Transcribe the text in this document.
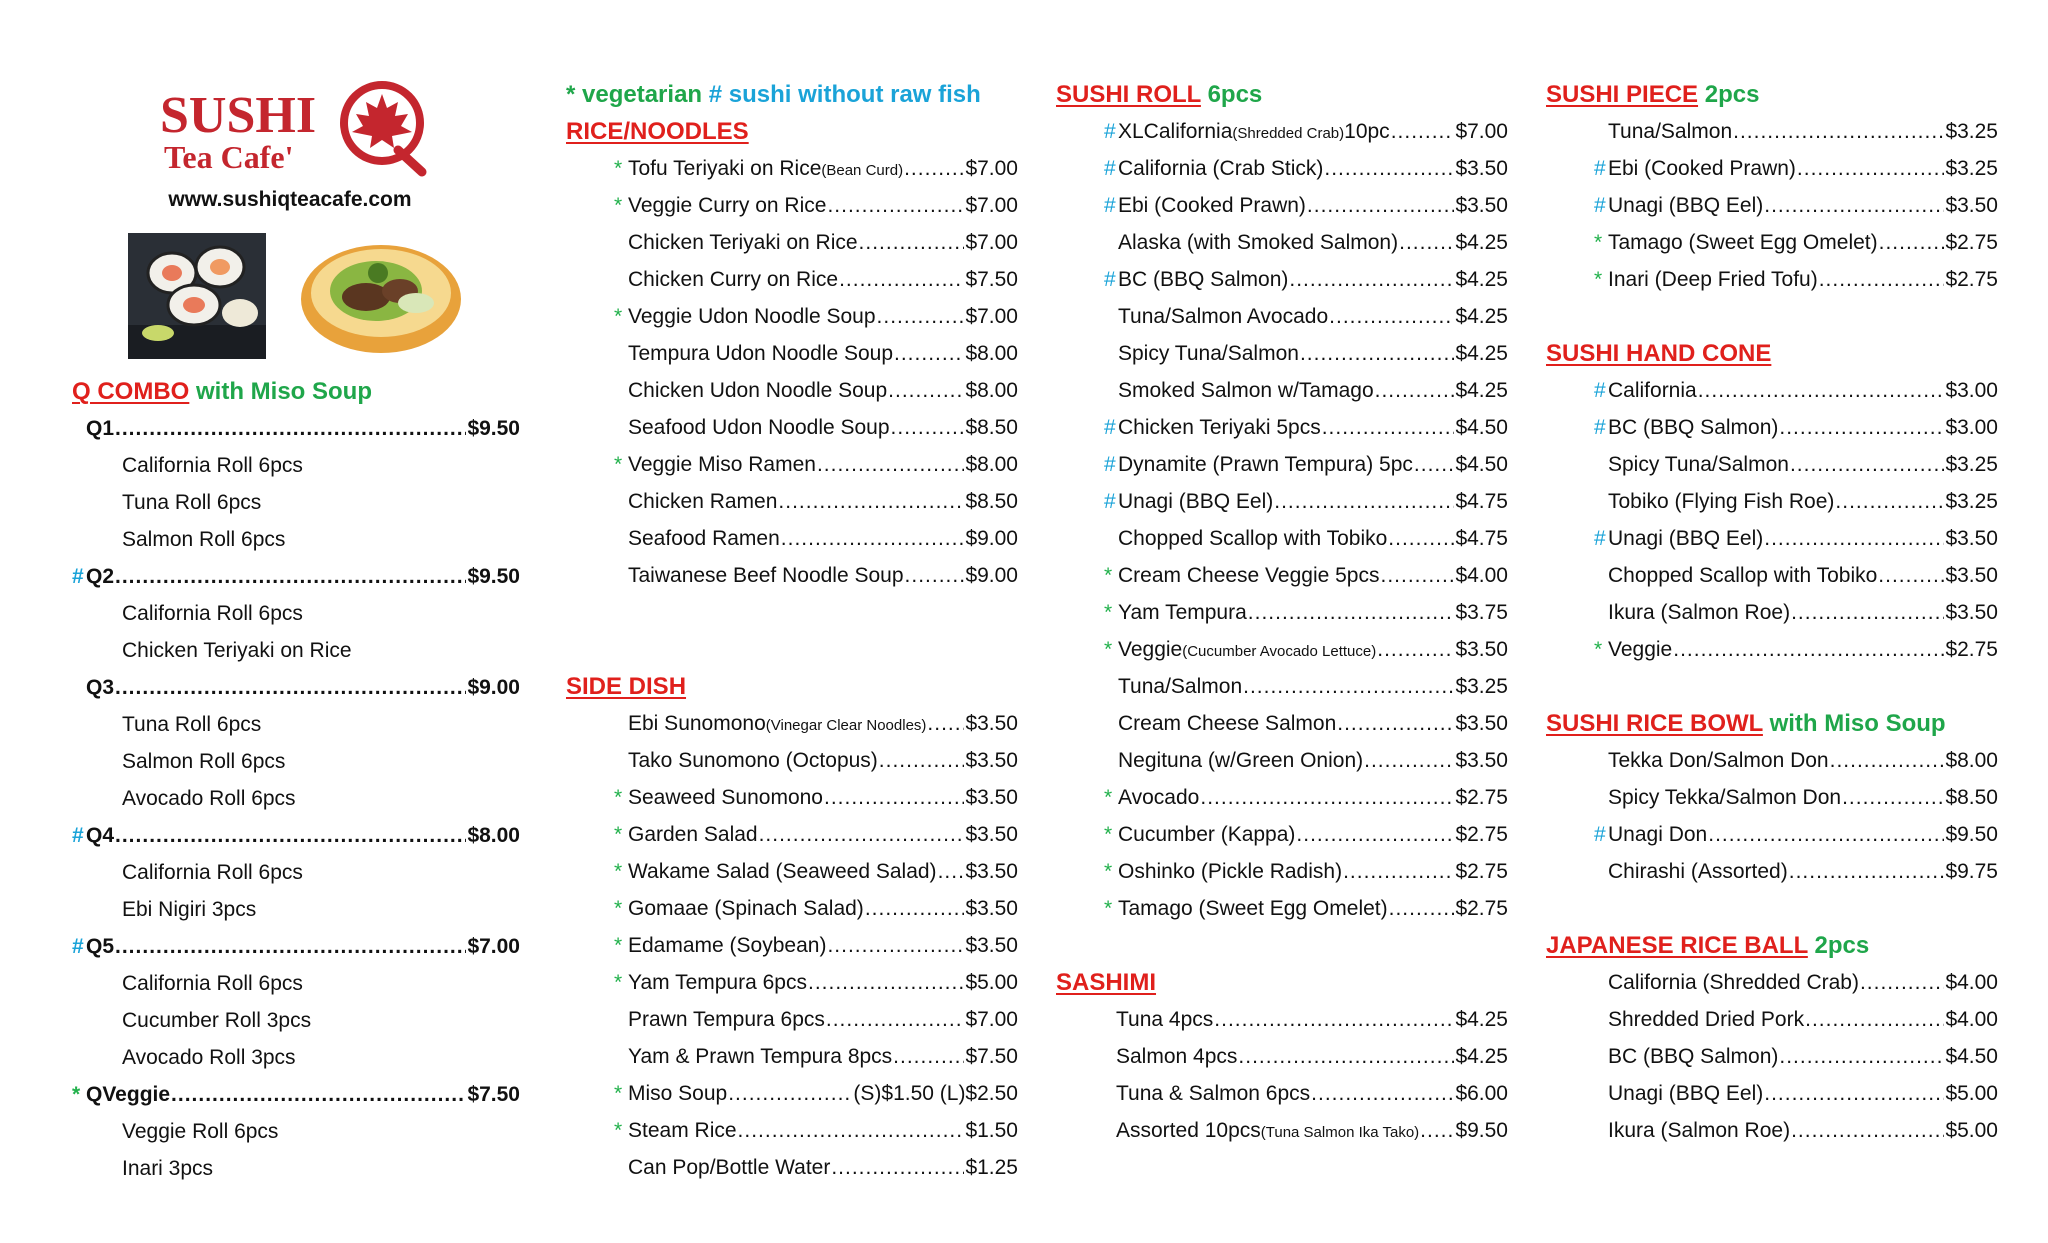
SUSHI
Tea Cafe'
www.sushiqteacafe.com
Q COMBO with Miso Soup
Q1 .....	$9.50
California Roll 6pcs
Tuna Roll 6pcs
Salmon Roll 6pcs
# Q2 .....	$9.50
California Roll 6pcs
Chicken Teriyaki on Rice
Q3 .....	$9.00
Tuna Roll 6pcs
Salmon Roll 6pcs
Avocado Roll 6pcs
# Q4 .....	$8.00
California Roll 6pcs
Ebi Nigiri 3pcs
# Q5 .....	$7.00
California Roll 6pcs
Cucumber Roll 3pcs
Avocado Roll 3pcs
* QVeggie .....	$7.50
Veggie Roll 6pcs
Inari 3pcs
* vegetarian # sushi without raw fish
RICE/NOODLES
* Tofu Teriyaki on Rice (Bean Curd) .....	$7.00
* Veggie Curry on Rice .....	$7.00
Chicken Teriyaki on Rice .....	$7.00
Chicken Curry on Rice .....	$7.50
* Veggie Udon Noodle Soup .....	$7.00
Tempura Udon Noodle Soup .....	$8.00
Chicken Udon Noodle Soup .....	$8.00
Seafood Udon Noodle Soup .....	$8.50
* Veggie Miso Ramen .....	$8.00
Chicken Ramen .....	$8.50
Seafood Ramen .....	$9.00
Taiwanese Beef Noodle Soup .....	$9.00
SIDE DISH
Ebi Sunomono (Vinegar Clear Noodles) ..... $3.50
Tako Sunomono (Octopus) .....	$3.50
* Seaweed Sunomono .....	$3.50
* Garden Salad .....	$3.50
* Wakame Salad (Seaweed Salad) ..... $3.50
* Gomaae (Spinach Salad) .....	$3.50
* Edamame (Soybean) .....	$3.50
* Yam Tempura 6pcs .....	$5.00
Prawn Tempura 6pcs .....	$7.00
Yam & Prawn Tempura 8pcs .....	$7.50
* Miso Soup .....	(S)$1.50 (L)$2.50
* Steam Rice .....	$1.50
Can Pop/Bottle Water .....	$1.25
SUSHI ROLL 6pcs
# XLCalifornia (Shredded Crab) 10pc .....	$7.00
# California (Crab Stick) .....	$3.50
# Ebi (Cooked Prawn) .....	$3.50
Alaska (with Smoked Salmon) .....	$4.25
# BC (BBQ Salmon) .....	$4.25
Tuna/Salmon Avocado .....	$4.25
Spicy Tuna/Salmon .....	$4.25
Smoked Salmon w/Tamago .....	$4.25
# Chicken Teriyaki 5pcs .....	$4.50
# Dynamite (Prawn Tempura) 5pc ..... $4.50
# Unagi (BBQ Eel) .....	$4.75
Chopped Scallop with Tobiko .....	$4.75
* Cream Cheese Veggie 5pcs .....	$4.00
* Yam Tempura .....	$3.75
* Veggie (Cucumber Avocado Lettuce) .....	$3.50
Tuna/Salmon .....	$3.25
Cream Cheese Salmon .....	$3.50
Negituna (w/Green Onion) .....	$3.50
* Avocado .....	$2.75
* Cucumber (Kappa) .....	$2.75
* Oshinko (Pickle Radish) .....	$2.75
* Tamago (Sweet Egg Omelet) .....	$2.75
SASHIMI
Tuna 4pcs .....	$4.25
Salmon 4pcs .....	$4.25
Tuna & Salmon 6pcs .....	$6.00
Assorted 10pcs (Tuna Salmon Ika Tako) ..... $9.50
SUSHI PIECE 2pcs
Tuna/Salmon .....	$3.25
# Ebi (Cooked Prawn) .....	$3.25
# Unagi (BBQ Eel) .....	$3.50
* Tamago (Sweet Egg Omelet) .....	$2.75
* Inari (Deep Fried Tofu) .....	$2.75
SUSHI HAND CONE
# California .....	$3.00
# BC (BBQ Salmon) .....	$3.00
Spicy Tuna/Salmon .....	$3.25
Tobiko (Flying Fish Roe) .....	$3.25
# Unagi (BBQ Eel) .....	$3.50
Chopped Scallop with Tobiko .....	$3.50
Ikura (Salmon Roe) .....	$3.50
* Veggie .....	$2.75
SUSHI RICE BOWL with Miso Soup
Tekka Don/Salmon Don .....	$8.00
Spicy Tekka/Salmon Don .....	$8.50
# Unagi Don .....	$9.50
Chirashi (Assorted) .....	$9.75
JAPANESE RICE BALL 2pcs
California (Shredded Crab) .....	$4.00
Shredded Dried Pork .....	$4.00
BC (BBQ Salmon) .....	$4.50
Unagi (BBQ Eel) .....	$5.00
Ikura (Salmon Roe) .....	$5.00
